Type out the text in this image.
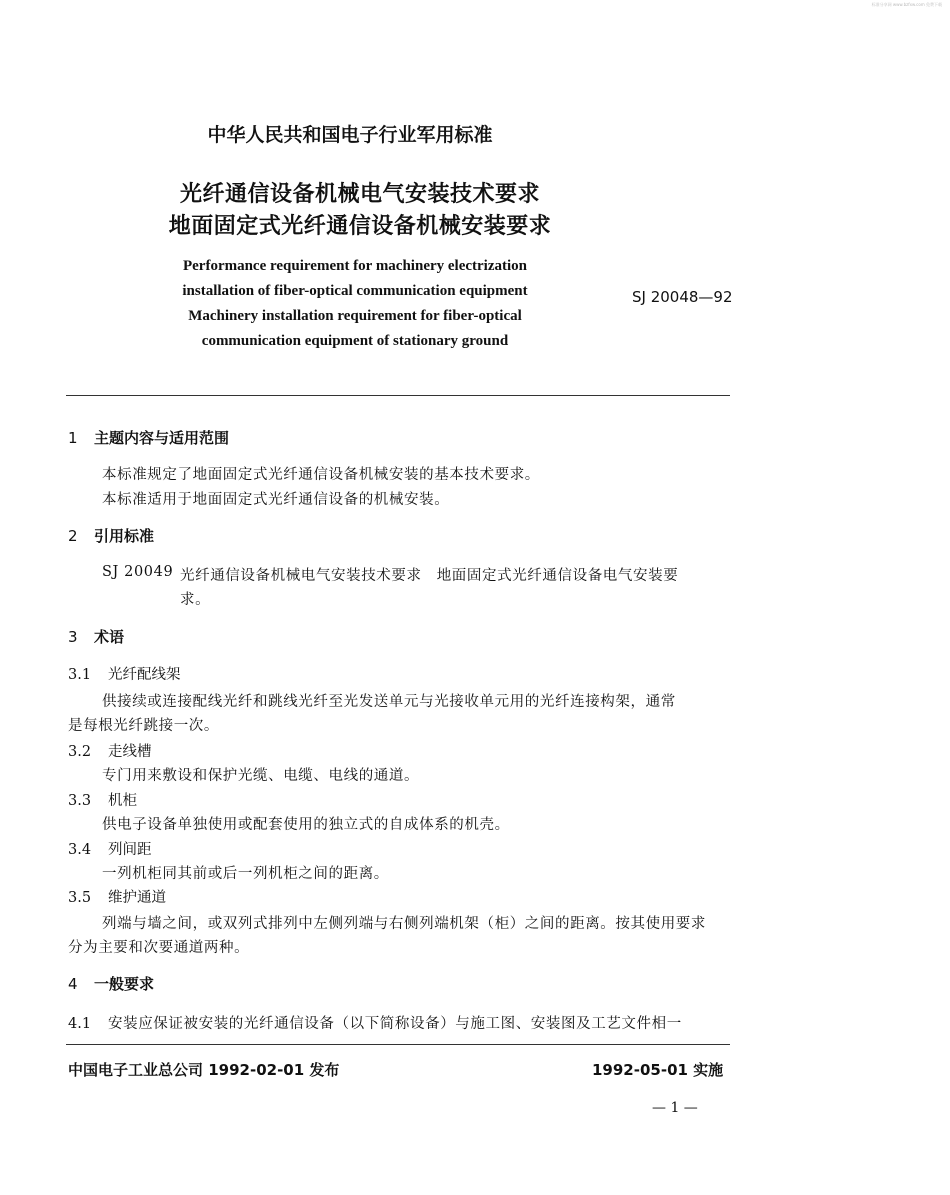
标准分享网 www.bzfxw.com 免费下载
中华人民共和国电子行业军用标准
光纤通信设备机械电气安装技术要求
地面固定式光纤通信设备机械安装要求
Performance requirement for machinery electrization
installation of fiber-optical communication equipment
Machinery installation requirement for fiber-optical
communication equipment of stationary ground
SJ 20048—92
1 主题内容与适用范围
本标准规定了地面固定式光纤通信设备机械安装的基本技术要求。
本标准适用于地面固定式光纤通信设备的机械安装。
2 引用标准
SJ 20049 光纤通信设备机械电气安装技术要求　地面固定式光纤通信设备电气安装要
求。
3 术语
3.1 光纤配线架
供接续或连接配线光纤和跳线光纤至光发送单元与光接收单元用的光纤连接构架，通常
是每根光纤跳接一次。
3.2 走线槽
专门用来敷设和保护光缆、电缆、电线的通道。
3.3 机柜
供电子设备单独使用或配套使用的独立式的自成体系的机壳。
3.4 列间距
一列机柜同其前或后一列机柜之间的距离。
3.5 维护通道
列端与墙之间，或双列式排列中左侧列端与右侧列端机架（柜）之间的距离。按其使用要求
分为主要和次要通道两种。
4 一般要求
4.1 安装应保证被安装的光纤通信设备（以下简称设备）与施工图、安装图及工艺文件相一
中国电子工业总公司 1992-02-01 发布	1992-05-01 实施
— 1 —
